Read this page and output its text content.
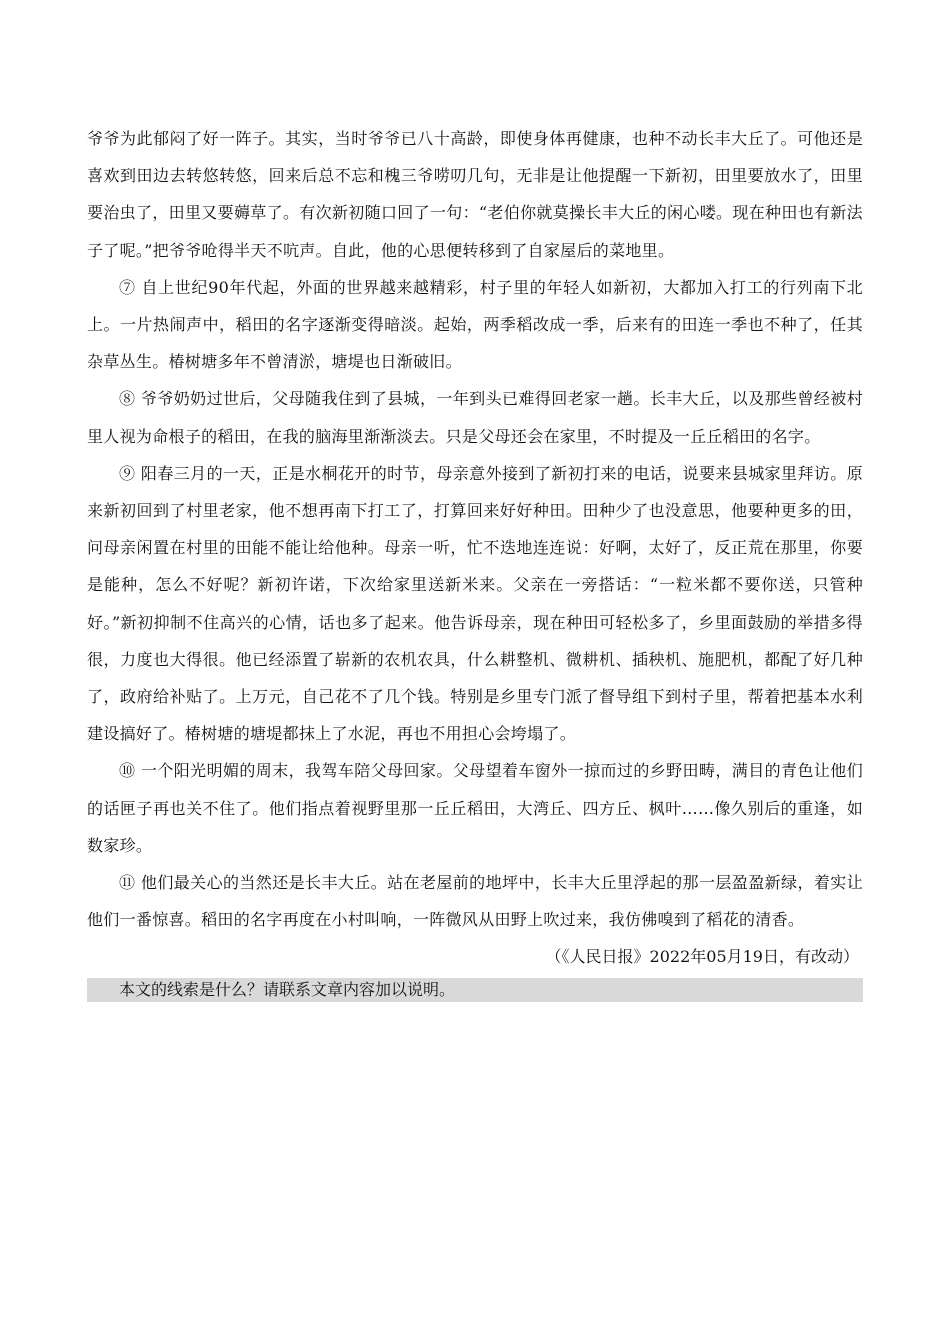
爷爷为此郁闷了好一阵子。其实，当时爷爷已八十高龄，即使身体再健康，也种不动长丰大丘了。可他还是喜欢到田边去转悠转悠，回来后总不忘和槐三爷唠叨几句，无非是让他提醒一下新初，田里要放水了，田里要治虫了，田里又要薅草了。有次新初随口回了一句：“老伯你就莫操长丰大丘的闲心喽。现在种田也有新法子了呢。”把爷爷呛得半天不吭声。自此，他的心思便转移到了自家屋后的菜地里。

⑦ 自上世纪90年代起，外面的世界越来越精彩，村子里的年轻人如新初，大都加入打工的行列南下北上。一片热闹声中，稻田的名字逐渐变得暗淡。起始，两季稻改成一季，后来有的田连一季也不种了，任其杂草丛生。椿树塘多年不曾清淤，塘堤也日渐破旧。

⑧ 爷爷奶奶过世后，父母随我住到了县城，一年到头已难得回老家一趟。长丰大丘，以及那些曾经被村里人视为命根子的稻田，在我的脑海里渐渐淡去。只是父母还会在家里，不时提及一丘丘稻田的名字。

⑨ 阳春三月的一天，正是水桐花开的时节，母亲意外接到了新初打来的电话，说要来县城家里拜访。原来新初回到了村里老家，他不想再南下打工了，打算回来好好种田。田种少了也没意思，他要种更多的田，问母亲闲置在村里的田能不能让给他种。母亲一听，忙不迭地连连说：好啊，太好了，反正荒在那里，你要是能种，怎么不好呢？新初许诺，下次给家里送新米来。父亲在一旁搭话：“一粒米都不要你送，只管种好。”新初抑制不住高兴的心情，话也多了起来。他告诉母亲，现在种田可轻松多了，乡里面鼓励的举措多得很，力度也大得很。他已经添置了崭新的农机农具，什么耕整机、微耕机、插秧机、施肥机，都配了好几种了，政府给补贴了。上万元，自己花不了几个钱。特别是乡里专门派了督导组下到村子里，帮着把基本水利建设搞好了。椿树塘的塘堤都抹上了水泥，再也不用担心会垮塌了。

⑩ 一个阳光明媚的周末，我驾车陪父母回家。父母望着车窗外一掠而过的乡野田畴，满目的青色让他们的话匣子再也关不住了。他们指点着视野里那一丘丘稻田，大湾丘、四方丘、枫叶……像久别后的重逢，如数家珍。

⑪ 他们最关心的当然还是长丰大丘。站在老屋前的地坪中，长丰大丘里浮起的那一层盈盈新绿，着实让他们一番惊喜。稻田的名字再度在小村叫响，一阵微风从田野上吹过来，我仿佛嗅到了稻花的清香。

（《人民日报》2022年05月19日，有改动）

本文的线索是什么？请联系文章内容加以说明。
